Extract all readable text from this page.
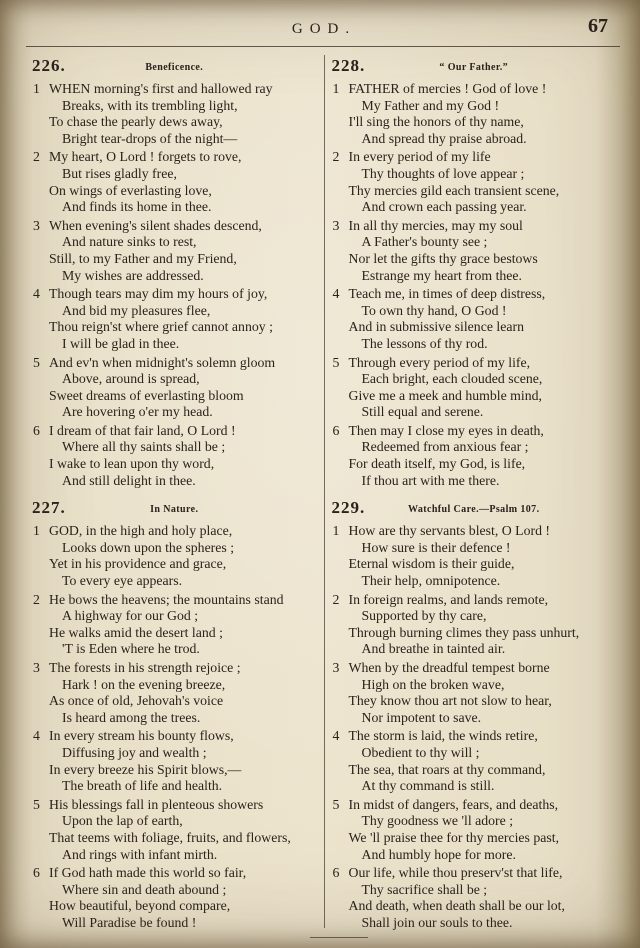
GOD.	67
226.	Beneficence.
1 WHEN morning's first and hallowed ray
Breaks, with its trembling light,
To chase the pearly dews away,
Bright tear-drops of the night—
2 My heart, O Lord ! forgets to rove,
But rises gladly free,
On wings of everlasting love,
And finds its home in thee.
3 When evening's silent shades descend,
And nature sinks to rest,
Still, to my Father and my Friend,
My wishes are addressed.
4 Though tears may dim my hours of joy,
And bid my pleasures flee,
Thou reign'st where grief cannot annoy ;
I will be glad in thee.
5 And ev'n when midnight's solemn gloom
Above, around is spread,
Sweet dreams of everlasting bloom
Are hovering o'er my head.
6 I dream of that fair land, O Lord !
Where all thy saints shall be ;
I wake to lean upon thy word,
And still delight in thee.
227.	In Nature.
1 GOD, in the high and holy place,
Looks down upon the spheres ;
Yet in his providence and grace,
To every eye appears.
2 He bows the heavens; the mountains stand
A highway for our God ;
He walks amid the desert land ;
'T is Eden where he trod.
3 The forests in his strength rejoice ;
Hark ! on the evening breeze,
As once of old, Jehovah's voice
Is heard among the trees.
4 In every stream his bounty flows,
Diffusing joy and wealth ;
In every breeze his Spirit blows,—
The breath of life and health.
5 His blessings fall in plenteous showers
Upon the lap of earth,
That teems with foliage, fruits, and flowers,
And rings with infant mirth.
6 If God hath made this world so fair,
Where sin and death abound ;
How beautiful, beyond compare,
Will Paradise be found !
228.	“ Our Father.”
1 FATHER of mercies ! God of love !
My Father and my God !
I'll sing the honors of thy name,
And spread thy praise abroad.
2 In every period of my life
Thy thoughts of love appear ;
Thy mercies gild each transient scene,
And crown each passing year.
3 In all thy mercies, may my soul
A Father's bounty see ;
Nor let the gifts thy grace bestows
Estrange my heart from thee.
4 Teach me, in times of deep distress,
To own thy hand, O God !
And in submissive silence learn
The lessons of thy rod.
5 Through every period of my life,
Each bright, each clouded scene,
Give me a meek and humble mind,
Still equal and serene.
6 Then may I close my eyes in death,
Redeemed from anxious fear ;
For death itself, my God, is life,
If thou art with me there.
229.	Watchful Care.—Psalm 107.
1 How are thy servants blest, O Lord !
How sure is their defence !
Eternal wisdom is their guide,
Their help, omnipotence.
2 In foreign realms, and lands remote,
Supported by thy care,
Through burning climes they pass unhurt,
And breathe in tainted air.
3 When by the dreadful tempest borne
High on the broken wave,
They know thou art not slow to hear,
Nor impotent to save.
4 The storm is laid, the winds retire,
Obedient to thy will ;
The sea, that roars at thy command,
At thy command is still.
5 In midst of dangers, fears, and deaths,
Thy goodness we 'll adore ;
We 'll praise thee for thy mercies past,
And humbly hope for more.
6 Our life, while thou preserv'st that life,
Thy sacrifice shall be ;
And death, when death shall be our lot,
Shall join our souls to thee.
